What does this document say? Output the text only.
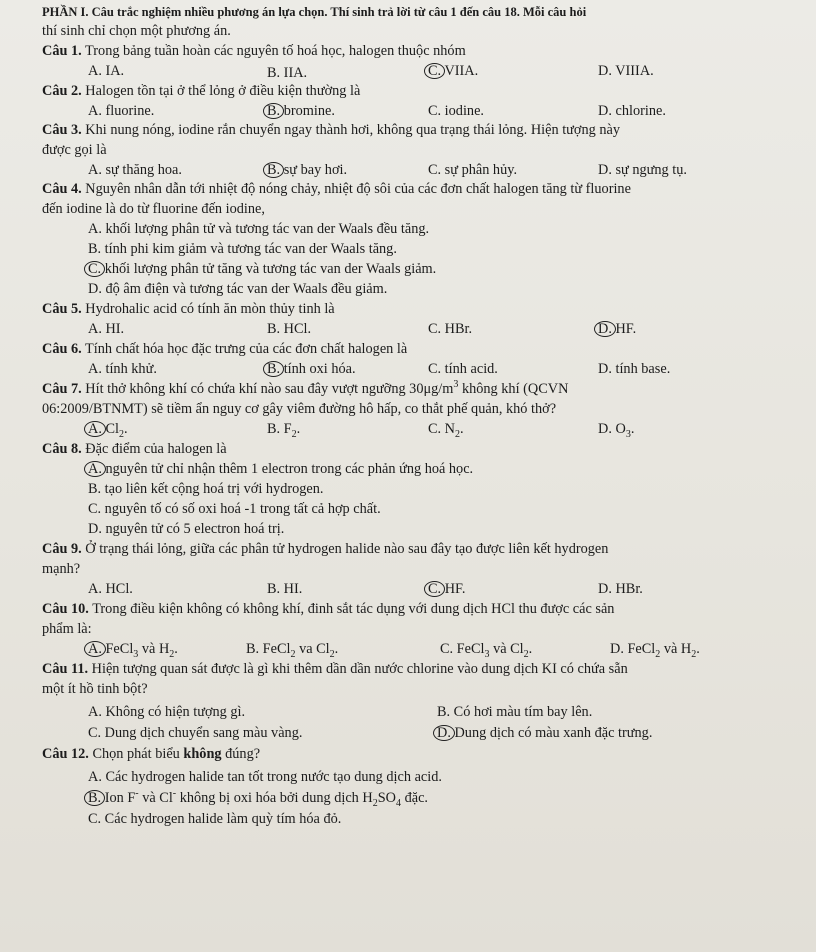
PHẦN I. Câu trắc nghiệm nhiều phương án lựa chọn. Thí sinh trả lời từ câu 1 đến câu 18. Mỗi câu hỏi
thí sinh chỉ chọn một phương án.
Câu 1. Trong bảng tuần hoàn các nguyên tố hoá học, halogen thuộc nhóm
A. IA.	B. IIA.	C. VIIA.	D. VIIIA.
Câu 2. Halogen tồn tại ở thể lỏng ở điều kiện thường là
A. fluorine.	B. bromine.	C. iodine.	D. chlorine.
Câu 3. Khi nung nóng, iodine rắn chuyển ngay thành hơi, không qua trạng thái lỏng. Hiện tượng này
được gọi là
A. sự thăng hoa.	B. sự bay hơi.	C. sự phân hủy.	D. sự ngưng tụ.
Câu 4. Nguyên nhân dẫn tới nhiệt độ nóng chảy, nhiệt độ sôi của các đơn chất halogen tăng từ fluorine
đến iodine là do từ fluorine đến iodine,
A. khối lượng phân tử và tương tác van der Waals đều tăng.
B. tính phi kim giảm và tương tác van der Waals tăng.
C. khối lượng phân tử tăng và tương tác van der Waals giảm.
D. độ âm điện và tương tác van der Waals đều giảm.
Câu 5. Hydrohalic acid có tính ăn mòn thủy tinh là
A. HI.	B. HCl.	C. HBr.	D. HF.
Câu 6. Tính chất hóa học đặc trưng của các đơn chất halogen là
A. tính khử.	B. tính oxi hóa.	C. tính acid.	D. tính base.
Câu 7. Hít thở không khí có chứa khí nào sau đây vượt ngưỡng $30\mu g/m^3$ không khí (QCVN
06:2009/BTNMT) sẽ tiềm ẩn nguy cơ gây viêm đường hô hấp, co thắt phế quản, khó thở?
A. $Cl_2$.	B. $F_2$.	C. $N_2$.	D. $O_3$.
Câu 8. Đặc điểm của halogen là
A. nguyên tử chỉ nhận thêm 1 electron trong các phản ứng hoá học.
B. tạo liên kết cộng hoá trị với hydrogen.
C. nguyên tố có số oxi hoá -1 trong tất cả hợp chất.
D. nguyên tử có 5 electron hoá trị.
Câu 9. Ở trạng thái lỏng, giữa các phân tử hydrogen halide nào sau đây tạo được liên kết hydrogen
mạnh?
A. HCl.	B. HI.	C. HF.	D. HBr.
Câu 10. Trong điều kiện không có không khí, đinh sắt tác dụng với dung dịch HCl thu được các sản
phẩm là:
A. FeCl$_3$ và $H_2$.	B. FeCl$_2$ va $Cl_2$.	C. FeCl$_3$ và $Cl_2$.	D. FeCl$_2$ và $H_2$.
Câu 11. Hiện tượng quan sát được là gì khi thêm dần dần nước chlorine vào dung dịch KI có chứa sẵn
một ít hồ tinh bột?
A. Không có hiện tượng gì.	B. Có hơi màu tím bay lên.
C. Dung dịch chuyển sang màu vàng.	D. Dung dịch có màu xanh đặc trưng.
Câu 12. Chọn phát biểu không đúng?
A. Các hydrogen halide tan tốt trong nước tạo dung dịch acid.
B. Ion F- và Cl- không bị oxi hóa bởi dung dịch $H_2SO_4$ đặc.
C. Các hydrogen halide làm quỳ tím hóa đỏ.
